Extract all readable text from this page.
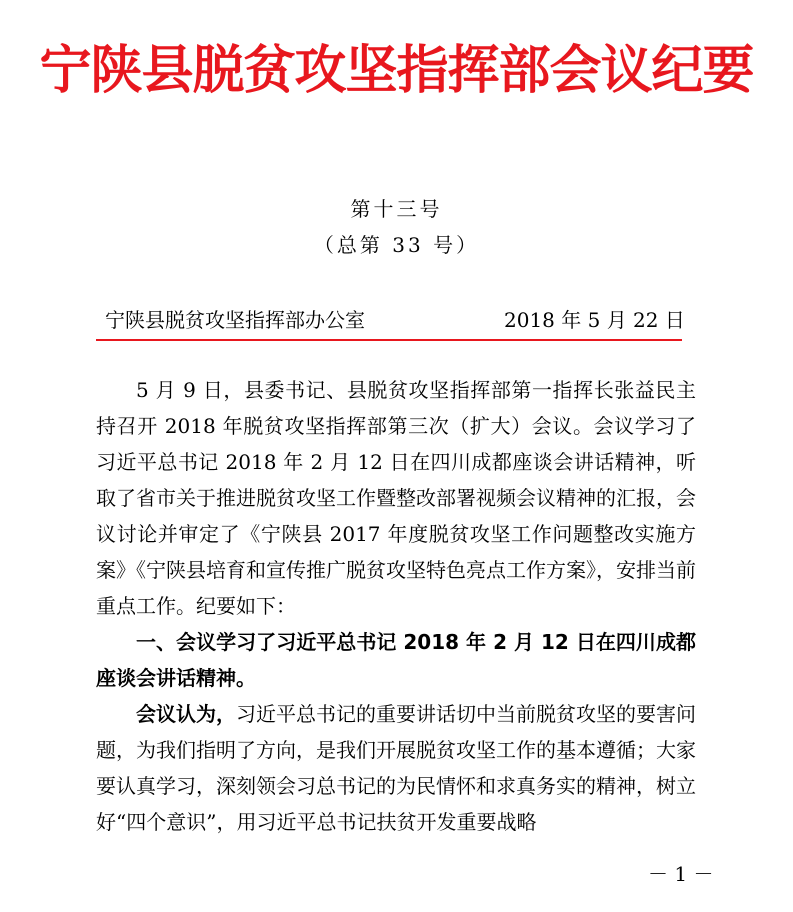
宁陕县脱贫攻坚指挥部会议纪要
第十三号
（总第 33 号）
宁陕县脱贫攻坚指挥部办公室	2018 年 5 月 22 日

5 月 9 日，县委书记、县脱贫攻坚指挥部第一指挥长张益民主持召开 2018 年脱贫攻坚指挥部第三次（扩大）会议。会议学习了习近平总书记 2018 年 2 月 12 日在四川成都座谈会讲话精神，听取了省市关于推进脱贫攻坚工作暨整改部署视频会议精神的汇报，会议讨论并审定了《宁陕县 2017 年度脱贫攻坚工作问题整改实施方案》《宁陕县培育和宣传推广脱贫攻坚特色亮点工作方案》，安排当前重点工作。纪要如下：

一、会议学习了习近平总书记 2018 年 2 月 12 日在四川成都座谈会讲话精神。

会议认为，习近平总书记的重要讲话切中当前脱贫攻坚的要害问题，为我们指明了方向，是我们开展脱贫攻坚工作的基本遵循；大家要认真学习，深刻领会习总书记的为民情怀和求真务实的精神，树立好“四个意识”，用习近平总书记扶贫开发重要战略

－ 1 －
